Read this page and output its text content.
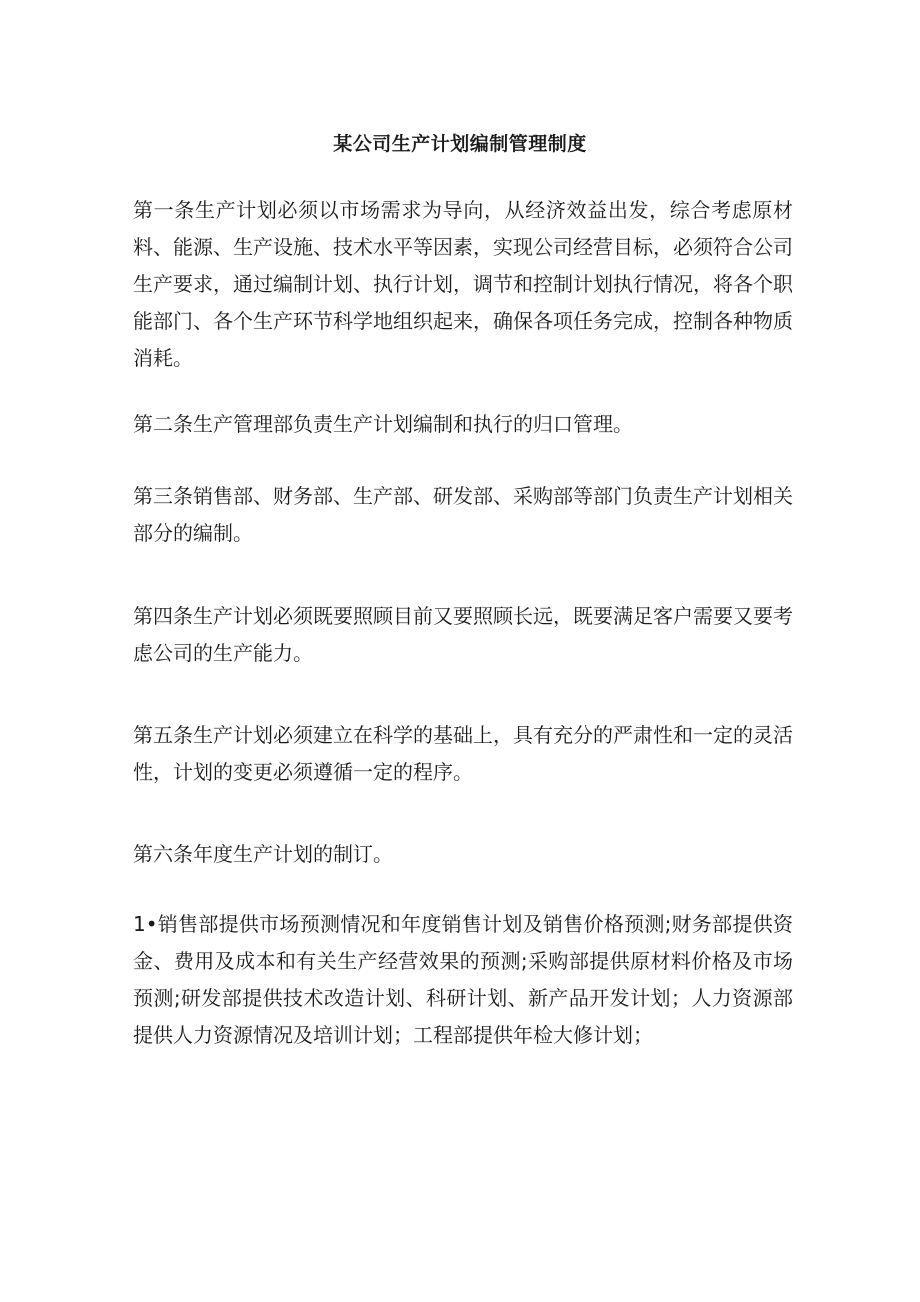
某公司生产计划编制管理制度

第一条生产计划必须以市场需求为导向，从经济效益出发，综合考虑原材料、能源、生产设施、技术水平等因素，实现公司经营目标，必须符合公司生产要求，通过编制计划、执行计划，调节和控制计划执行情况，将各个职能部门、各个生产环节科学地组织起来，确保各项任务完成，控制各种物质消耗。

第二条生产管理部负责生产计划编制和执行的归口管理。

第三条销售部、财务部、生产部、研发部、采购部等部门负责生产计划相关部分的编制。

第四条生产计划必须既要照顾目前又要照顾长远，既要满足客户需要又要考虑公司的生产能力。

第五条生产计划必须建立在科学的基础上，具有充分的严肃性和一定的灵活性，计划的变更必须遵循一定的程序。

第六条年度生产计划的制订。

1•销售部提供市场预测情况和年度销售计划及销售价格预测;财务部提供资金、费用及成本和有关生产经营效果的预测;采购部提供原材料价格及市场预测;研发部提供技术改造计划、科研计划、新产品开发计划；人力资源部提供人力资源情况及培训计划；工程部提供年检大修计划；
